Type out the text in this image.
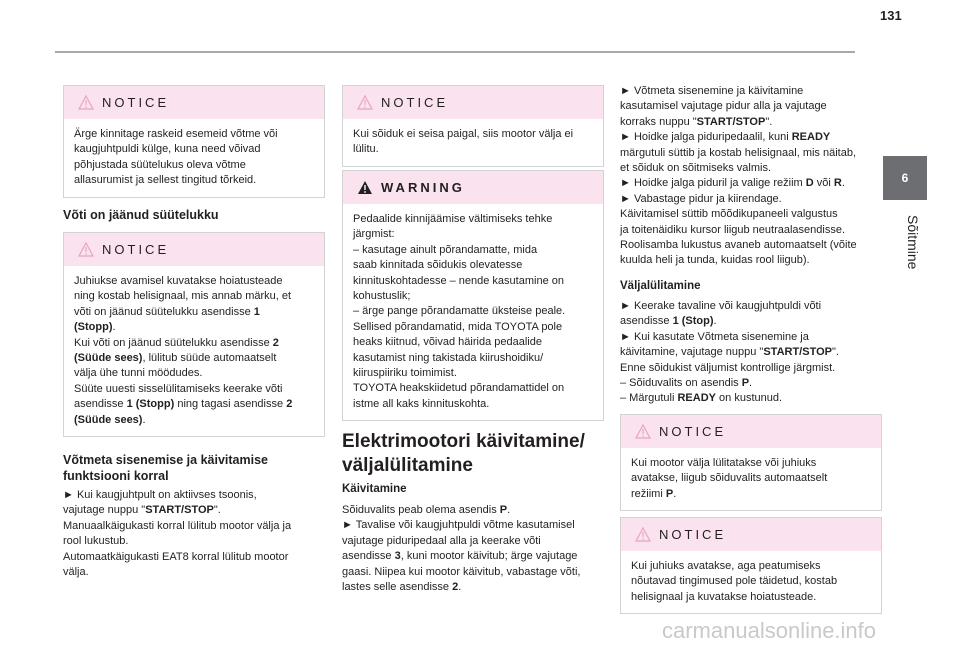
131
6
Sõitmine
NOTICE
Ärge kinnitage raskeid esemeid võtme või
kaugjuhtpuldi külge, kuna need võivad
põhjustada süütelukus oleva võtme
allasurumist ja sellest tingitud tõrkeid.
Võti on jäänud süütelukku
NOTICE
Juhiukse avamisel kuvatakse hoiatusteade
ning kostab helisignaal, mis annab märku, et
võti on jäänud süütelukku asendisse 1
(Stopp).
Kui võti on jäänud süütelukku asendisse 2
(Süüde sees), lülitub süüde automaatselt
välja ühe tunni möödudes.
Süüte uuesti sisselülitamiseks keerake võti
asendisse 1 (Stopp) ning tagasi asendisse 2
(Süüde sees).
Võtmeta sisenemise ja käivitamise
funktsiooni korral
► Kui kaugjuhtpult on aktiivses tsoonis,
vajutage nuppu "START/STOP".
Manuaalkäigukasti korral lülitub mootor välja ja
rool lukustub.
Automaatkäigukasti EAT8 korral lülitub mootor
välja.
NOTICE
Kui sõiduk ei seisa paigal, siis mootor välja ei
lülitu.
WARNING
Pedaalide kinnijäämise vältimiseks tehke
järgmist:
– kasutage ainult põrandamatte, mida
saab kinnitada sõidukis olevatesse
kinnituskohtadesse – nende kasutamine on
kohustuslik;
– ärge pange põrandamatte üksteise peale.
Sellised põrandamatid, mida TOYOTA pole
heaks kiitnud, võivad häirida pedaalide
kasutamist ning takistada kiirushoidiku/
kiiruspiiriku toimimist.
TOYOTA heakskiidetud põrandamattidel on
istme all kaks kinnituskohta.
Elektrimootori käivitamine/
väljalülitamine
Käivitamine
Sõiduvalits peab olema asendis P.
► Tavalise või kaugjuhtpuldi võtme kasutamisel
vajutage piduripedaal alla ja keerake võti
asendisse 3, kuni mootor käivitub; ärge vajutage
gaasi. Niipea kui mootor käivitub, vabastage võti,
lastes selle asendisse 2.
► Võtmeta sisenemine ja käivitamine
kasutamisel vajutage pidur alla ja vajutage
korraks nuppu "START/STOP".
► Hoidke jalga piduripedaalil, kuni READY
märgutuli süttib ja kostab helisignaal, mis näitab,
et sõiduk on sõitmiseks valmis.
► Hoidke jalga piduril ja valige režiim D või R.
► Vabastage pidur ja kiirendage.
Käivitamisel süttib mõõdikupaneeli valgustus
ja toitenäidiku kursor liigub neutraalasendisse.
Roolisamba lukustus avaneb automaatselt (võite
kuulda heli ja tunda, kuidas rool liigub).
Väljalülitamine
► Keerake tavaline või kaugjuhtpuldi võti
asendisse 1 (Stop).
► Kui kasutate Võtmeta sisenemine ja
käivitamine, vajutage nuppu "START/STOP".
Enne sõidukist väljumist kontrollige järgmist.
– Sõiduvalits on asendis P.
– Märgutuli READY on kustunud.
NOTICE
Kui mootor välja lülitatakse või juhiuks
avatakse, liigub sõiduvalits automaatselt
režiimi P.
NOTICE
Kui juhiuks avatakse, aga peatumiseks
nõutavad tingimused pole täidetud, kostab
helisignaal ja kuvatakse hoiatusteade.
carmanualsonline.info
